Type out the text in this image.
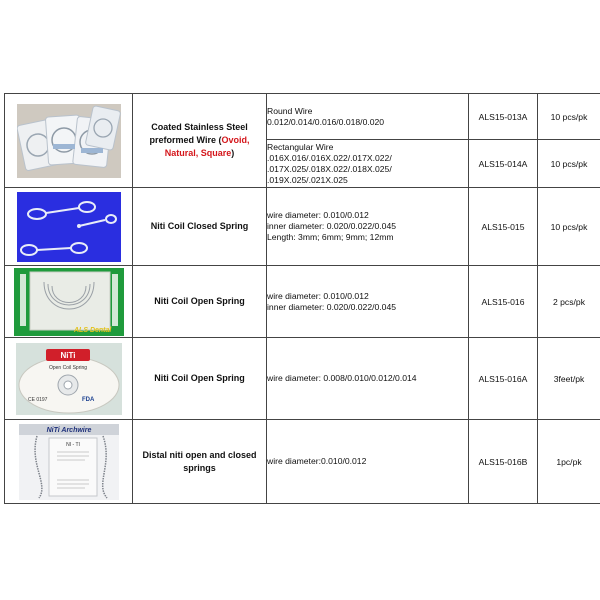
	Coated Stainless Steel preformed Wire (Ovoid, Natural, Square)	Round Wire
0.012/0.014/0.016/0.018/0.020	ALS15-013A	10 pcs/pk

		Rectangular Wire
.016X.016/.016X.022/.017X.022/
.017X.025/.018X.022/.018X.025/
.019X.025/.021X.025	ALS15-014A	10 pcs/pk

	Niti Coil Closed Spring	wire diameter: 0.010/0.012
inner diameter: 0.020/0.022/0.045
Length: 3mm; 6mm; 9mm; 12mm	ALS15-015	10 pcs/pk

ALS Dental	Niti Coil Open Spring	wire diameter: 0.010/0.012
inner diameter: 0.020/0.022/0.045	ALS15-016	2 pcs/pk

NiTi
Open Coil Spring
CE 0197 FDA	Niti Coil Open Spring	wire diameter: 0.008/0.010/0.012/0.014	ALS15-016A	3feet/pk

NiTi Archwire
NI - TI	Distal niti open and closed springs	wire diameter:0.010/0.012	ALS15-016B	1pc/pk
